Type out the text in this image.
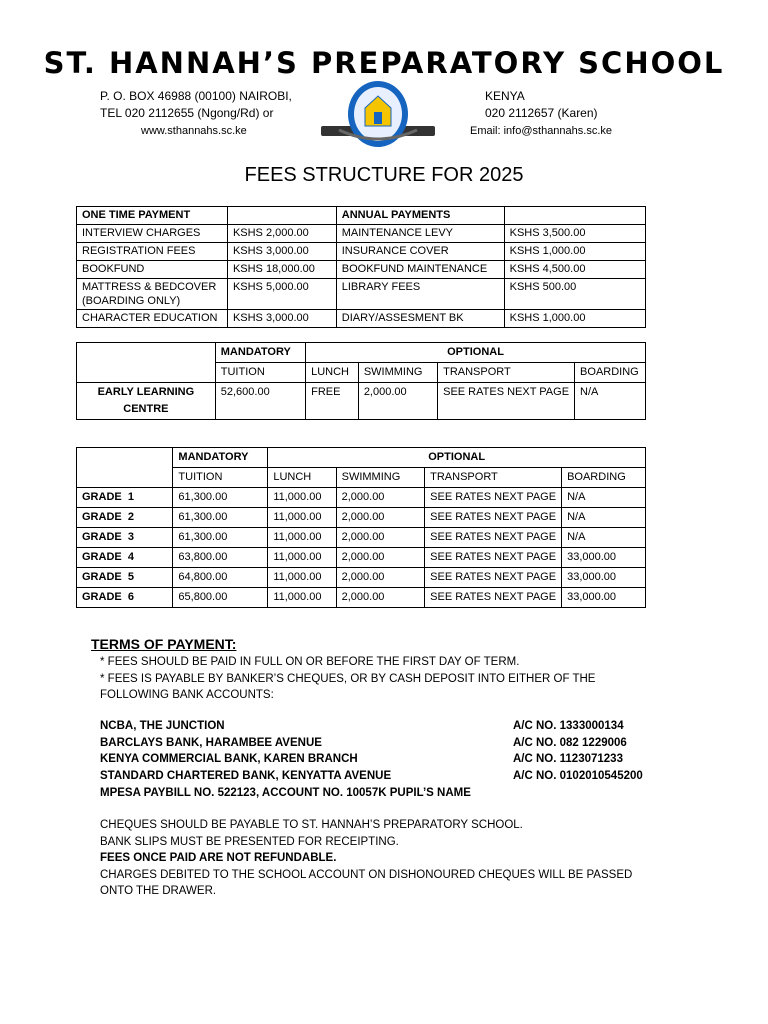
ST. HANNAH’S PREPARATORY SCHOOL
P. O. BOX 46988 (00100) NAIROBI,
TEL 020 2112655 (Ngong/Rd) or
www.sthannahs.sc.ke
KENYA
020 2112657 (Karen)
Email: info@sthannahs.sc.ke
FEES STRUCTURE FOR 2025
ONE TIME PAYMENT		ANNUAL PAYMENTS	
INTERVIEW CHARGES	KSHS 2,000.00	MAINTENANCE LEVY	KSHS 3,500.00
REGISTRATION FEES	KSHS 3,000.00	INSURANCE COVER	KSHS 1,000.00
BOOKFUND	KSHS 18,000.00	BOOKFUND MAINTENANCE	KSHS 4,500.00

MATTRESS & BEDCOVER
(BOARDING ONLY)	KSHS 5,000.00	LIBRARY FEES	KSHS 500.00
CHARACTER EDUCATION	KSHS 3,000.00	DIARY/ASSESMENT BK	KSHS 1,000.00
	MANDATORY	OPTIONAL			
	TUITION	LUNCH	SWIMMING	TRANSPORT	BOARDING

EARLY LEARNING
CENTRE	52,600.00	FREE	2,000.00	SEE RATES NEXT PAGE	N/A
	MANDATORY	OPTIONAL			
	TUITION	LUNCH	SWIMMING	TRANSPORT	BOARDING
GRADE  1	61,300.00	11,000.00	2,000.00	SEE RATES NEXT PAGE	N/A
GRADE  2	61,300.00	11,000.00	2,000.00	SEE RATES NEXT PAGE	N/A
GRADE  3	61,300.00	11,000.00	2,000.00	SEE RATES NEXT PAGE	N/A
GRADE  4	63,800.00	11,000.00	2,000.00	SEE RATES NEXT PAGE	33,000.00
GRADE  5	64,800.00	11,000.00	2,000.00	SEE RATES NEXT PAGE	33,000.00
GRADE  6	65,800.00	11,000.00	2,000.00	SEE RATES NEXT PAGE	33,000.00
TERMS OF PAYMENT:
* FEES SHOULD BE PAID IN FULL ON OR BEFORE THE FIRST DAY OF TERM.
* FEES IS PAYABLE BY BANKER’S CHEQUES, OR BY CASH DEPOSIT INTO EITHER OF THE FOLLOWING BANK ACCOUNTS:
NCBA, THE JUNCTION	A/C NO. 1333000134
BARCLAYS BANK, HARAMBEE AVENUE	A/C NO. 082 1229006
KENYA COMMERCIAL BANK, KAREN BRANCH	A/C NO. 1123071233
STANDARD CHARTERED BANK, KENYATTA AVENUE	A/C NO. 0102010545200
MPESA PAYBILL NO. 522123, ACCOUNT NO. 10057K PUPIL’S NAME
CHEQUES SHOULD BE PAYABLE TO ST. HANNAH’S PREPARATORY SCHOOL.
BANK SLIPS MUST BE PRESENTED FOR RECEIPTING.
FEES ONCE PAID ARE NOT REFUNDABLE.
CHARGES DEBITED TO THE SCHOOL ACCOUNT ON DISHONOURED CHEQUES WILL BE PASSED ONTO THE DRAWER.
